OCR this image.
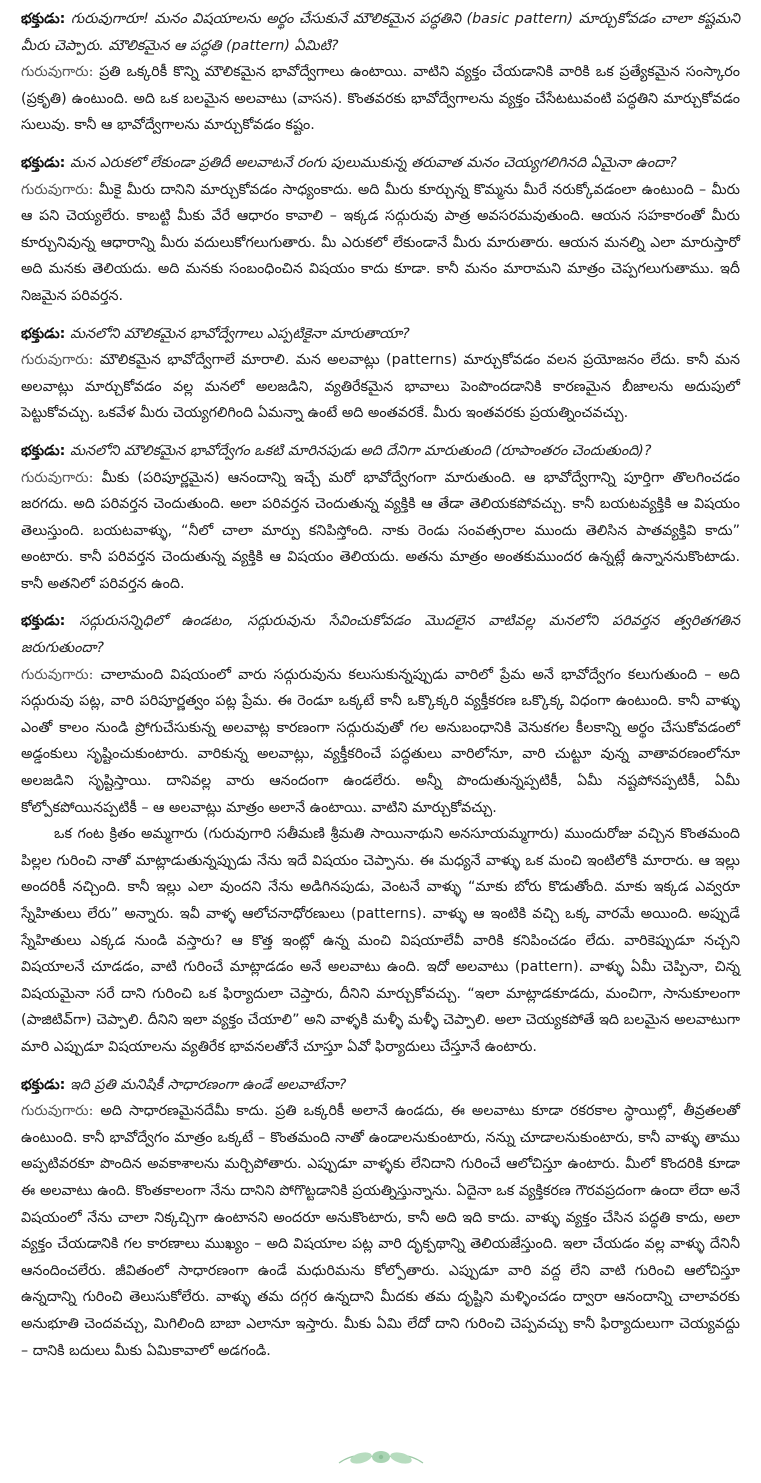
భక్తుడు: గురువుగారూ! మనం విషయాలను అర్థం చేసుకునే మౌలికమైన పద్ధతిని (basic pattern) మార్చుకోవడం చాలా కష్టమని మీరు చెప్పారు. మౌలికమైన ఆ పద్ధతి (pattern) ఏమిటి?

గురువుగారు: ప్రతి ఒక్కరికీ కొన్ని మౌలికమైన భావోద్వేగాలు ఉంటాయి. వాటిని వ్యక్తం చేయడానికి వారికి ఒక ప్రత్యేకమైన సంస్కారం (ప్రకృతి) ఉంటుంది. అది ఒక బలమైన అలవాటు (వాసన). కొంతవరకు భావోద్వేగాలను వ్యక్తం చేసేటటువంటి పద్ధతిని మార్చుకోవడం సులువు. కానీ ఆ భావోద్వేగాలను మార్చుకోవడం కష్టం.

భక్తుడు: మన ఎరుకలో లేకుండా ప్రతిదీ అలవాటనే రంగు పులుముకున్న తరువాత మనం చెయ్యగలిగినది ఏమైనా ఉందా?

గురువుగారు: మీకై మీరు దానిని మార్చుకోవడం సాధ్యంకాదు. అది మీరు కూర్చున్న కొమ్మను మీరే నరుక్కోవడంలా ఉంటుంది – మీరు ఆ పని చెయ్యలేరు. కాబట్టి మీకు వేరే ఆధారం కావాలి – ఇక్కడ సద్గురువు పాత్ర అవసరమవుతుంది. ఆయన సహకారంతో మీరు కూర్చునివున్న ఆధారాన్ని మీరు వదులుకోగలుగుతారు. మీ ఎరుకలో లేకుండానే మీరు మారుతారు. ఆయన మనల్ని ఎలా మారుస్తారో అది మనకు తెలియదు. అది మనకు సంబంధించిన విషయం కాదు కూడా. కానీ మనం మారామని మాత్రం చెప్పగలుగుతాము. ఇదీ నిజమైన పరివర్తన.

భక్తుడు: మనలోని మౌలికమైన భావోద్వేగాలు ఎప్పటికైనా మారుతాయా?

గురువుగారు: మౌలికమైన భావోద్వేగాలే మారాలి. మన అలవాట్లు (patterns) మార్చుకోవడం వలన ప్రయోజనం లేదు. కానీ మన అలవాట్లు మార్చుకోవడం వల్ల మనలో అలజడిని, వ్యతిరేకమైన భావాలు పెంపొందడానికి కారణమైన బీజాలను అదుపులో పెట్టుకోవచ్చు. ఒకవేళ మీరు చెయ్యగలిగింది ఏమన్నా ఉంటే అది అంతవరకే. మీరు ఇంతవరకు ప్రయత్నించవచ్చు.

భక్తుడు: మనలోని మౌలికమైన భావోద్వేగం ఒకటి మారినపుడు అది దేనిగా మారుతుంది (రూపాంతరం చెందుతుంది)?

గురువుగారు: మీకు (పరిపూర్ణమైన) ఆనందాన్ని ఇచ్చే మరో భావోద్వేగంగా మారుతుంది. ఆ భావోద్వేగాన్ని పూర్తిగా తొలగించడం జరగదు. అది పరివర్తన చెందుతుంది. అలా పరివర్తన చెందుతున్న వ్యక్తికి ఆ తేడా తెలియకపోవచ్చు. కానీ బయటవ్యక్తికి ఆ విషయం తెలుస్తుంది. బయటవాళ్ళు, “నీలో చాలా మార్పు కనిపిస్తోంది. నాకు రెండు సంవత్సరాల ముందు తెలిసిన పాతవ్యక్తివి కాదు” అంటారు. కానీ పరివర్తన చెందుతున్న వ్యక్తికి ఆ విషయం తెలియదు. అతను మాత్రం అంతకుముందర ఉన్నట్లే ఉన్నాననుకొంటాడు. కానీ అతనిలో పరివర్తన ఉంది.

భక్తుడు: సద్గురుసన్నిధిలో ఉండటం, సద్గురువును సేవించుకోవడం మొదలైన వాటివల్ల మనలోని పరివర్తన త్వరితగతిన జరుగుతుందా?

గురువుగారు: చాలామంది విషయంలో వారు సద్గురువును కలుసుకున్నప్పుడు వారిలో ప్రేమ అనే భావోద్వేగం కలుగుతుంది – అది సద్గురువు పట్ల, వారి పరిపూర్ణత్వం పట్ల ప్రేమ. ఈ రెండూ ఒక్కటే కానీ ఒక్కొక్కరి వ్యక్తీకరణ ఒక్కొక్క విధంగా ఉంటుంది. కానీ వాళ్ళు ఎంతో కాలం నుండి ప్రోగుచేసుకున్న అలవాట్ల కారణంగా సద్గురువుతో గల అనుబంధానికి వెనుకగల కీలకాన్ని అర్థం చేసుకోవడంలో అడ్డంకులు సృష్టించుకుంటారు. వారికున్న అలవాట్లు, వ్యక్తీకరించే పద్ధతులు వారిలోనూ, వారి చుట్టూ వున్న వాతావరణంలోనూ అలజడిని సృష్టిస్తాయి. దానివల్ల వారు ఆనందంగా ఉండలేరు. అన్నీ పొందుతున్నప్పటికీ, ఏమీ నష్టపోనప్పటికీ, ఏమీ కోల్పోకపోయినప్పటికీ – ఆ అలవాట్లు మాత్రం అలానే ఉంటాయి. వాటిని మార్చుకోవచ్చు.

ఒక గంట క్రితం అమ్మగారు (గురువుగారి సతీమణి శ్రీమతి సాయినాథుని అనసూయమ్మగారు) ముందురోజు వచ్చిన కొంతమంది పిల్లల గురించి నాతో మాట్లాడుతున్నప్పుడు నేను ఇదే విషయం చెప్పాను. ఈ మధ్యనే వాళ్ళు ఒక మంచి ఇంటిలోకి మారారు. ఆ ఇల్లు అందరికీ నచ్చింది. కానీ ఇల్లు ఎలా వుందని నేను అడిగినపుడు, వెంటనే వాళ్ళు “మాకు బోరు కొడుతోంది. మాకు ఇక్కడ ఎవ్వరూ స్నేహితులు లేరు” అన్నారు. ఇవీ వాళ్ళ ఆలోచనాధోరణులు (patterns). వాళ్ళు ఆ ఇంటికి వచ్చి ఒక్క వారమే అయింది. అప్పుడే స్నేహితులు ఎక్కడ నుండి వస్తారు? ఆ కొత్త ఇంట్లో ఉన్న మంచి విషయాలేవీ వారికి కనిపించడం లేదు. వారికెప్పుడూ నచ్చని విషయాలనే చూడడం, వాటి గురించే మాట్లాడడం అనే అలవాటు ఉంది. ఇదో అలవాటు (pattern). వాళ్ళు ఏమీ చెప్పినా, చిన్న విషయమైనా సరే దాని గురించి ఒక ఫిర్యాదులా చెప్తారు, దీనిని మార్చుకోవచ్చు. “ఇలా మాట్లాడకూడదు, మంచిగా, సానుకూలంగా (పాజిటివ్‌గా) చెప్పాలి. దీనిని ఇలా వ్యక్తం చేయాలి” అని వాళ్ళకి మళ్ళీ మళ్ళీ చెప్పాలి. అలా చెయ్యకపోతే ఇది బలమైన అలవాటుగా మారి ఎప్పుడూ విషయాలను వ్యతిరేక భావనలతోనే చూస్తూ ఏవో ఫిర్యాదులు చేస్తూనే ఉంటారు.

భక్తుడు: ఇది ప్రతి మనిషికీ సాధారణంగా ఉండే అలవాటేనా?

గురువుగారు: అది సాధారణమైనదేమీ కాదు. ప్రతి ఒక్కరికీ అలానే ఉండదు, ఈ అలవాటు కూడా రకరకాల స్థాయిల్లో, తీవ్రతలతో ఉంటుంది. కానీ భావోద్వేగం మాత్రం ఒక్కటే – కొంతమంది నాతో ఉండాలనుకుంటారు, నన్ను చూడాలనుకుంటారు, కానీ వాళ్ళు తాము అప్పటివరకూ పొందిన అవకాశాలను మర్చిపోతారు. ఎప్పుడూ వాళ్ళకు లేనిదాని గురించే ఆలోచిస్తూ ఉంటారు. మీలో కొందరికి కూడా ఈ అలవాటు ఉంది. కొంతకాలంగా నేను దానిని పోగొట్టడానికి ప్రయత్నిస్తున్నాను. ఏదైనా ఒక వ్యక్తికరణ గౌరవప్రదంగా ఉందా లేదా అనే విషయంలో నేను చాలా నిక్కచ్చిగా ఉంటానని అందరూ అనుకొంటారు, కానీ అది ఇది కాదు. వాళ్ళు వ్యక్తం చేసిన పద్ధతి కాదు, అలా వ్యక్తం చేయడానికి గల కారణాలు ముఖ్యం – అది విషయాల పట్ల వారి దృక్పథాన్ని తెలియజేస్తుంది. ఇలా చేయడం వల్ల వాళ్ళు దేనినీ ఆనందించలేరు. జీవితంలో సాధారణంగా ఉండే మధురిమను కోల్పోతారు. ఎప్పుడూ వారి వద్ద లేని వాటి గురించి ఆలోచిస్తూ ఉన్నదాన్ని గురించి తెలుసుకోలేరు. వాళ్ళు తమ దగ్గర ఉన్నదాని మీదకు తమ దృష్టిని మళ్ళించడం ద్వారా ఆనందాన్ని చాలావరకు అనుభూతి చెందవచ్చు, మిగిలింది బాబా ఎలానూ ఇస్తారు. మీకు ఏమి లేదో దాని గురించి చెప్పవచ్చు కానీ ఫిర్యాదులుగా చెయ్యవద్దు – దానికి బదులు మీకు ఏమికావాలో అడగండి.
